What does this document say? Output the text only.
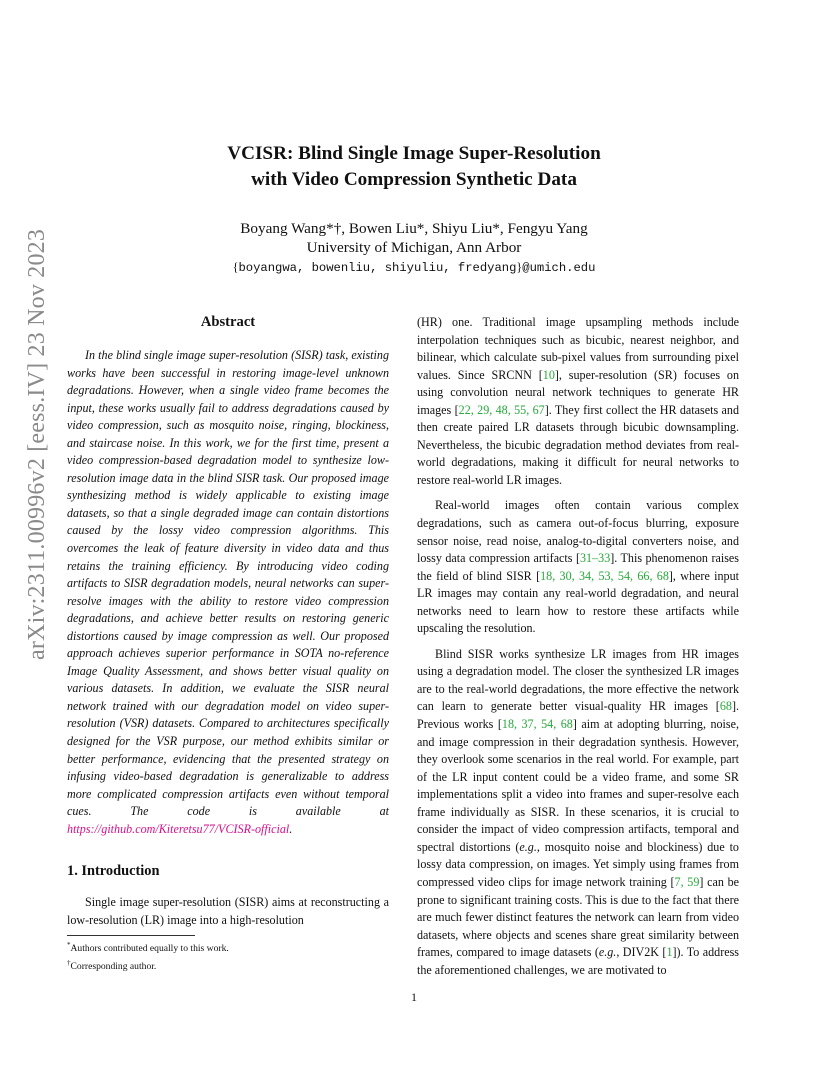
arXiv:2311.00996v2 [eess.IV] 23 Nov 2023
VCISR: Blind Single Image Super-Resolution
with Video Compression Synthetic Data
Boyang Wang*†, Bowen Liu*, Shiyu Liu*, Fengyu Yang
University of Michigan, Ann Arbor
{boyangwa, bowenliu, shiyuliu, fredyang}@umich.edu
Abstract

In the blind single image super-resolution (SISR) task, existing works have been successful in restoring image-level unknown degradations. However, when a single video frame becomes the input, these works usually fail to address degradations caused by video compression, such as mosquito noise, ringing, blockiness, and staircase noise. In this work, we for the first time, present a video compression-based degradation model to synthesize low-resolution image data in the blind SISR task. Our proposed image synthesizing method is widely applicable to existing image datasets, so that a single degraded image can contain distortions caused by the lossy video compression algorithms. This overcomes the leak of feature diversity in video data and thus retains the training efficiency. By introducing video coding artifacts to SISR degradation models, neural networks can super-resolve images with the ability to restore video compression degradations, and achieve better results on restoring generic distortions caused by image compression as well. Our proposed approach achieves superior performance in SOTA no-reference Image Quality Assessment, and shows better visual quality on various datasets. In addition, we evaluate the SISR neural network trained with our degradation model on video super-resolution (VSR) datasets. Compared to architectures specifically designed for the VSR purpose, our method exhibits similar or better performance, evidencing that the presented strategy on infusing video-based degradation is generalizable to address more complicated compression artifacts even without temporal cues. The code is available at https://github.com/Kiteretsu77/VCISR-official.

1. Introduction

Single image super-resolution (SISR) aims at reconstructing a low-resolution (LR) image into a high-resolution

(HR) one. Traditional image upsampling methods include interpolation techniques such as bicubic, nearest neighbor, and bilinear, which calculate sub-pixel values from surrounding pixel values. Since SRCNN [10], super-resolution (SR) focuses on using convolution neural network techniques to generate HR images [22, 29, 48, 55, 67]. They first collect the HR datasets and then create paired LR datasets through bicubic downsampling. Nevertheless, the bicubic degradation method deviates from real-world degradations, making it difficult for neural networks to restore real-world LR images.

Real-world images often contain various complex degradations, such as camera out-of-focus blurring, exposure sensor noise, read noise, analog-to-digital converters noise, and lossy data compression artifacts [31–33]. This phenomenon raises the field of blind SISR [18, 30, 34, 53, 54, 66, 68], where input LR images may contain any real-world degradation, and neural networks need to learn how to restore these artifacts while upscaling the resolution.

Blind SISR works synthesize LR images from HR images using a degradation model. The closer the synthesized LR images are to the real-world degradations, the more effective the network can learn to generate better visual-quality HR images [68]. Previous works [18, 37, 54, 68] aim at adopting blurring, noise, and image compression in their degradation synthesis. However, they overlook some scenarios in the real world. For example, part of the LR input content could be a video frame, and some SR implementations split a video into frames and super-resolve each frame individually as SISR. In these scenarios, it is crucial to consider the impact of video compression artifacts, temporal and spectral distortions (e.g., mosquito noise and blockiness) due to lossy data compression, on images. Yet simply using frames from compressed video clips for image network training [7, 59] can be prone to significant training costs. This is due to the fact that there are much fewer distinct features the network can learn from video datasets, where objects and scenes share great similarity between frames, compared to image datasets (e.g., DIV2K [1]). To address the aforementioned challenges, we are motivated to

*Authors contributed equally to this work.
†Corresponding author.
1
